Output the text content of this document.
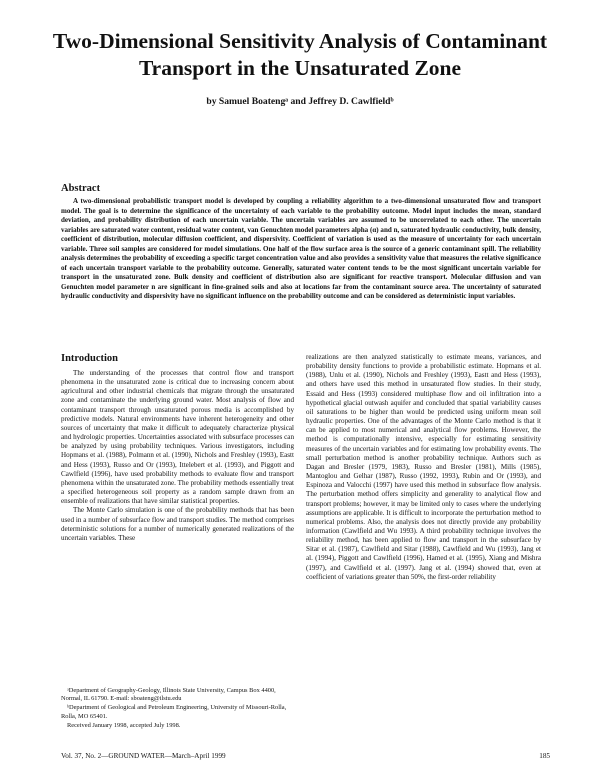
Two-Dimensional Sensitivity Analysis of Contaminant
Transport in the Unsaturated Zone
by Samuel Boatengᵃ and Jeffrey D. Cawlfieldᵇ
Abstract
A two-dimensional probabilistic transport model is developed by coupling a reliability algorithm to a two-dimensional unsaturated flow and transport model. The goal is to determine the significance of the uncertainty of each variable to the probability outcome. Model input includes the mean, standard deviation, and probability distribution of each uncertain variable. The uncertain variables are assumed to be uncorrelated to each other. The uncertain variables are saturated water content, residual water content, van Genuchten model parameters alpha (α) and n, saturated hydraulic conductivity, bulk density, coefficient of distribution, molecular diffusion coefficient, and dispersivity. Coefficient of variation is used as the measure of uncertainty for each uncertain variable. Three soil samples are considered for model simulations. One half of the flow surface area is the source of a generic contaminant spill. The reliability analysis determines the probability of exceeding a specific target concentration value and also provides a sensitivity value that measures the relative significance of each uncertain transport variable to the probability outcome. Generally, saturated water content tends to be the most significant uncertain variable for transport in the unsaturated zone. Bulk density and coefficient of distribution also are significant for reactive transport. Molecular diffusion and van Genuchten model parameter n are significant in fine-grained soils and also at locations far from the contaminant source area. The uncertainty of saturated hydraulic conductivity and dispersivity have no significant influence on the probability outcome and can be considered as deterministic input variables.
Introduction

The understanding of the processes that control flow and transport phenomena in the unsaturated zone is critical due to increasing concern about agricultural and other industrial chemicals that migrate through the unsaturated zone and contaminate the underlying ground water. Most analysis of flow and contaminant transport through unsaturated porous media is accomplished by predictive models. Natural environments have inherent heterogeneity and other sources of uncertainty that make it difficult to adequately characterize physical and hydrologic properties. Uncertainties associated with subsurface processes can be analyzed by using probability techniques. Various investigators, including Hopmans et al. (1988), Polmann et al. (1990), Nichols and Freshley (1993), Eastt and Hess (1993), Russo and Or (1993), Ittelebert et al. (1993), and Piggott and Cawlfield (1996), have used probability methods to evaluate flow and transport phenomena within the unsaturated zone. The probability methods essentially treat a specified heterogeneous soil property as a random sample drawn from an ensemble of realizations that have similar statistical properties.

The Monte Carlo simulation is one of the probability methods that has been used in a number of subsurface flow and transport studies. The method comprises deterministic solutions for a number of numerically generated realizations of the uncertain variables. These

realizations are then analyzed statistically to estimate means, variances, and probability density functions to provide a probabilistic estimate. Hopmans et al. (1988), Unlu et al. (1990), Nichols and Freshley (1993), Eastt and Hess (1993), and others have used this method in unsaturated flow studies. In their study, Essaid and Hess (1993) considered multiphase flow and oil infiltration into a hypothetical glacial outwash aquifer and concluded that spatial variability causes oil saturations to be higher than would be predicted using uniform mean soil hydraulic properties. One of the advantages of the Monte Carlo method is that it can be applied to most numerical and analytical flow problems. However, the method is computationally intensive, especially for estimating sensitivity measures of the uncertain variables and for estimating low probability events. The small perturbation method is another probability technique. Authors such as Dagan and Bresler (1979, 1983), Russo and Bresler (1981), Mills (1985), Mantoglou and Gelhar (1987), Russo (1992, 1993), Rubin and Or (1993), and Espinoza and Valocchi (1997) have used this method in subsurface flow analysis. The perturbation method offers simplicity and generality to analytical flow and transport problems; however, it may be limited only to cases where the underlying assumptions are applicable. It is difficult to incorporate the perturbation method to numerical problems. Also, the analysis does not directly provide any probability information (Cawlfield and Wu 1993). A third probability technique involves the reliability method, has been applied to flow and transport in the subsurface by Sitar et al. (1987), Cawlfield and Sitar (1988), Cawlfield and Wu (1993), Jang et al. (1994), Piggott and Cawlfield (1996), Hamed et al. (1995), Xiang and Mishra (1997), and Cawlfield et al. (1997). Jang et al. (1994) showed that, even at coefficient of variations greater than 50%, the first-order reliability

ᵃDepartment of Geography-Geology, Illinois State University, Campus Box 4400, Normal, IL 61790. E-mail: sboateng@ilstu.edu

ᵇDepartment of Geological and Petroleum Engineering, University of Missouri-Rolla, Rolla, MO 65401.

Received January 1998, accepted July 1998.

Vol. 37, No. 2—GROUND WATER—March–April 1999	185
